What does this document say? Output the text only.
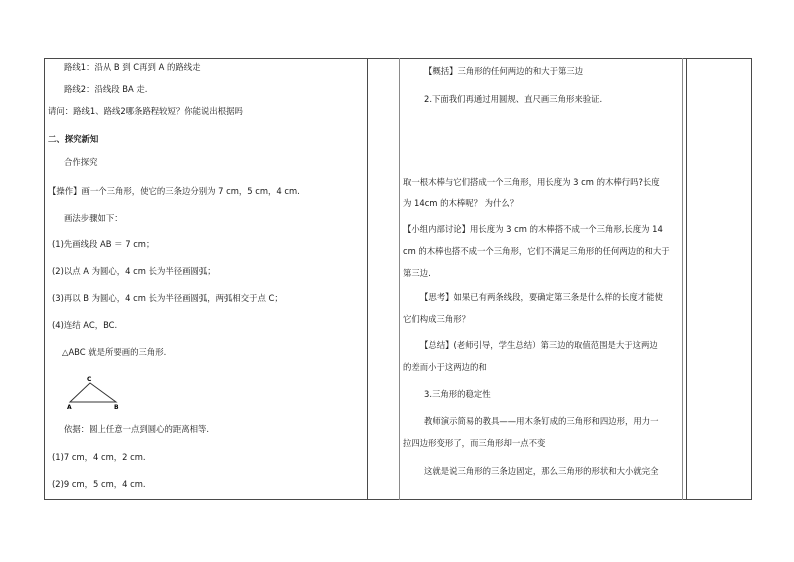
路线1：沿从 B 到 C再到 A 的路线走
路线2：沿线段 BA 走.
请问：路线1、路线2哪条路程较短？你能说出根据吗
二、探究新知
合作探究
【操作】画一个三角形，使它的三条边分别为 7 cm，5 cm，4 cm.
画法步骤如下：
(1)先画线段 AB ＝ 7 cm；
(2)以点 A 为圆心，4 cm 长为半径画圆弧；
(3)再以 B 为圆心，4 cm 长为半径画圆弧，两弧相交于点 C；
(4)连结 AC，BC.
△ABC 就是所要画的三角形.
C
A	B
依据：圆上任意一点到圆心的距离相等.
(1)7 cm，4 cm，2 cm.
(2)9 cm，5 cm，4 cm.
【概括】三角形的任何两边的和大于第三边
2.下面我们再通过用圆规、直尺画三角形来验证.
取一根木棒与它们搭成一个三角形，用长度为 3 cm 的木棒行吗?长度
为 14cm 的木棒呢？ 为什么？
【小组内部讨论】用长度为 3 cm 的木棒搭不成一个三角形,长度为 14
cm 的木棒也搭不成一个三角形，它们不满足三角形的任何两边的和大于
第三边.
【思考】如果已有两条线段，要确定第三条是什么样的长度才能使
它们构成三角形？
【总结】(老师引导，学生总结）第三边的取值范围是大于这两边
的差而小于这两边的和
3.三角形的稳定性
教师演示简易的教具——用木条钉成的三角形和四边形，用力一
拉四边形变形了，而三角形却一点不变
这就是说三角形的三条边固定，那么三角形的形状和大小就完全
